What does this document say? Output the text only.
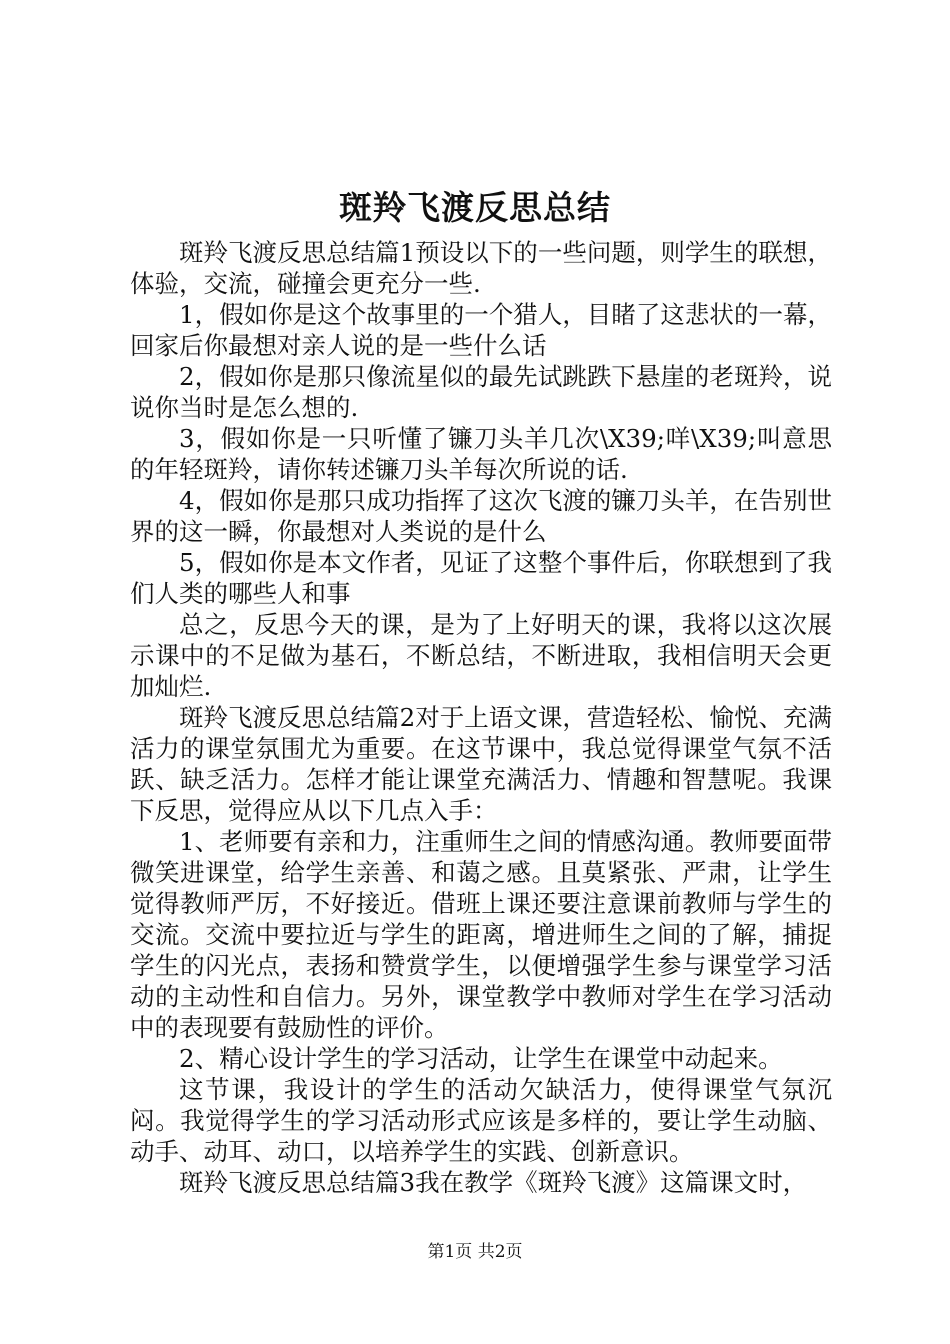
斑羚飞渡反思总结

斑羚飞渡反思总结篇1预设以下的一些问题，则学生的联想，体验，交流，碰撞会更充分一些.

1，假如你是这个故事里的一个猎人，目睹了这悲状的一幕，回家后你最想对亲人说的是一些什么话

2，假如你是那只像流星似的最先试跳跌下悬崖的老斑羚，说说你当时是怎么想的.

3，假如你是一只听懂了镰刀头羊几次\X39;咩\X39;叫意思的年轻斑羚，请你转述镰刀头羊每次所说的话.

4，假如你是那只成功指挥了这次飞渡的镰刀头羊，在告别世界的这一瞬，你最想对人类说的是什么

5，假如你是本文作者，见证了这整个事件后，你联想到了我们人类的哪些人和事

总之，反思今天的课，是为了上好明天的课，我将以这次展示课中的不足做为基石，不断总结，不断进取，我相信明天会更加灿烂.

斑羚飞渡反思总结篇2对于上语文课，营造轻松、愉悦、充满活力的课堂氛围尤为重要。在这节课中，我总觉得课堂气氛不活跃、缺乏活力。怎样才能让课堂充满活力、情趣和智慧呢。我课下反思，觉得应从以下几点入手：

1、老师要有亲和力，注重师生之间的情感沟通。教师要面带微笑进课堂，给学生亲善、和蔼之感。且莫紧张、严肃，让学生觉得教师严厉，不好接近。借班上课还要注意课前教师与学生的交流。交流中要拉近与学生的距离，增进师生之间的了解，捕捉学生的闪光点，表扬和赞赏学生，以便增强学生参与课堂学习活动的主动性和自信力。另外，课堂教学中教师对学生在学习活动中的表现要有鼓励性的评价。

2、精心设计学生的学习活动，让学生在课堂中动起来。

这节课，我设计的学生的活动欠缺活力，使得课堂气氛沉闷。我觉得学生的学习活动形式应该是多样的，要让学生动脑、动手、动耳、动口，以培养学生的实践、创新意识。

斑羚飞渡反思总结篇3我在教学《斑羚飞渡》这篇课文时，

第1页 共2页
